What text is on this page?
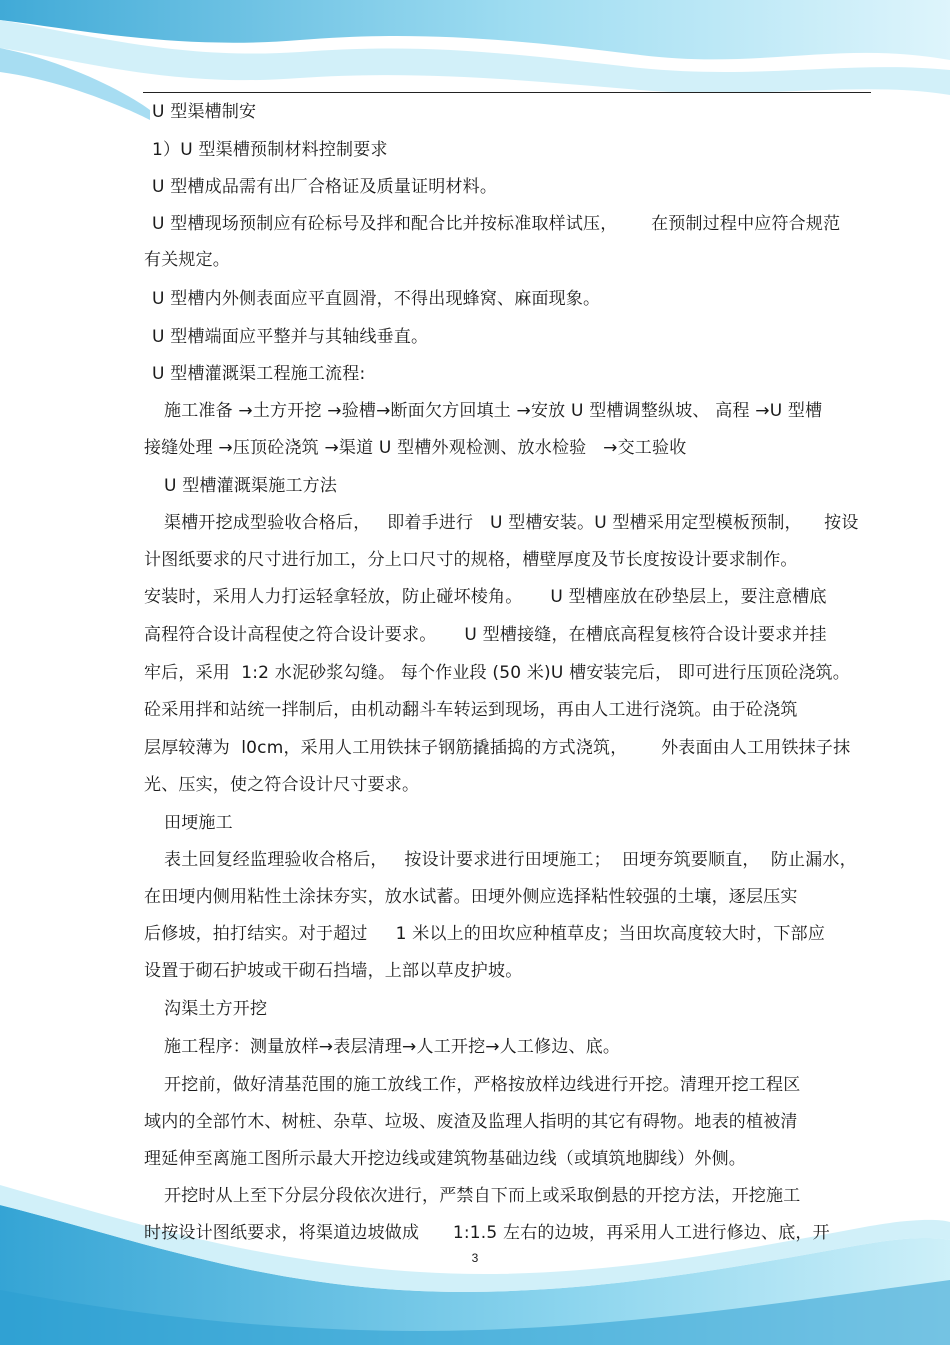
U 型渠槽制安
1）U 型渠槽预制材料控制要求
U 型槽成品需有出厂合格证及质量证明材料。
U 型槽现场预制应有砼标号及拌和配合比并按标准取样试压，      在预制过程中应符合规范
有关规定。
U 型槽内外侧表面应平直圆滑，不得出现蜂窝、麻面现象。
U 型槽端面应平整并与其轴线垂直。
U 型槽灌溉渠工程施工流程:
施工准备 →土方开挖 →验槽→断面欠方回填土 →安放 U 型槽调整纵坡、 高程 →U 型槽
接缝处理 →压顶砼浇筑 →渠道 U 型槽外观检测、放水检验   →交工验收
U 型槽灌溉渠施工方法
渠槽开挖成型验收合格后，   即着手进行   U 型槽安装。U 型槽采用定型模板预制，    按设
计图纸要求的尺寸进行加工，分上口尺寸的规格，槽壁厚度及节长度按设计要求制作。
安装时，采用人力打运轻拿轻放，防止碰坏棱角。     U 型槽座放在砂垫层上，要注意槽底
高程符合设计高程使之符合设计要求。     U 型槽接缝，在槽底高程复核符合设计要求并挂
牢后，采用  1:2 水泥砂浆勾缝。 每个作业段 (50 米)U 槽安装完后， 即可进行压顶砼浇筑。
砼采用拌和站统一拌制后，由机动翻斗车转运到现场，再由人工进行浇筑。由于砼浇筑
层厚较薄为  l0cm，采用人工用铁抹子钢筋撬插捣的方式浇筑，      外表面由人工用铁抹子抹
光、压实，使之符合设计尺寸要求。
田埂施工
表土回复经监理验收合格后，   按设计要求进行田埂施工；  田埂夯筑要顺直，  防止漏水，
在田埂内侧用粘性土涂抹夯实，放水试蓄。田埂外侧应选择粘性较强的土壤，逐层压实
后修坡，拍打结实。对于超过     1 米以上的田坎应种植草皮；当田坎高度较大时，下部应
设置于砌石护坡或干砌石挡墙，上部以草皮护坡。
沟渠土方开挖
施工程序：测量放样→表层清理→人工开挖→人工修边、底。
开挖前，做好清基范围的施工放线工作，严格按放样边线进行开挖。清理开挖工程区
域内的全部竹木、树桩、杂草、垃圾、废渣及监理人指明的其它有碍物。地表的植被清
理延伸至离施工图所示最大开挖边线或建筑物基础边线（或填筑地脚线）外侧。
开挖时从上至下分层分段依次进行，严禁自下而上或采取倒悬的开挖方法，开挖施工
时按设计图纸要求，将渠道边坡做成      1:1.5 左右的边坡，再采用人工进行修边、底，开
3
